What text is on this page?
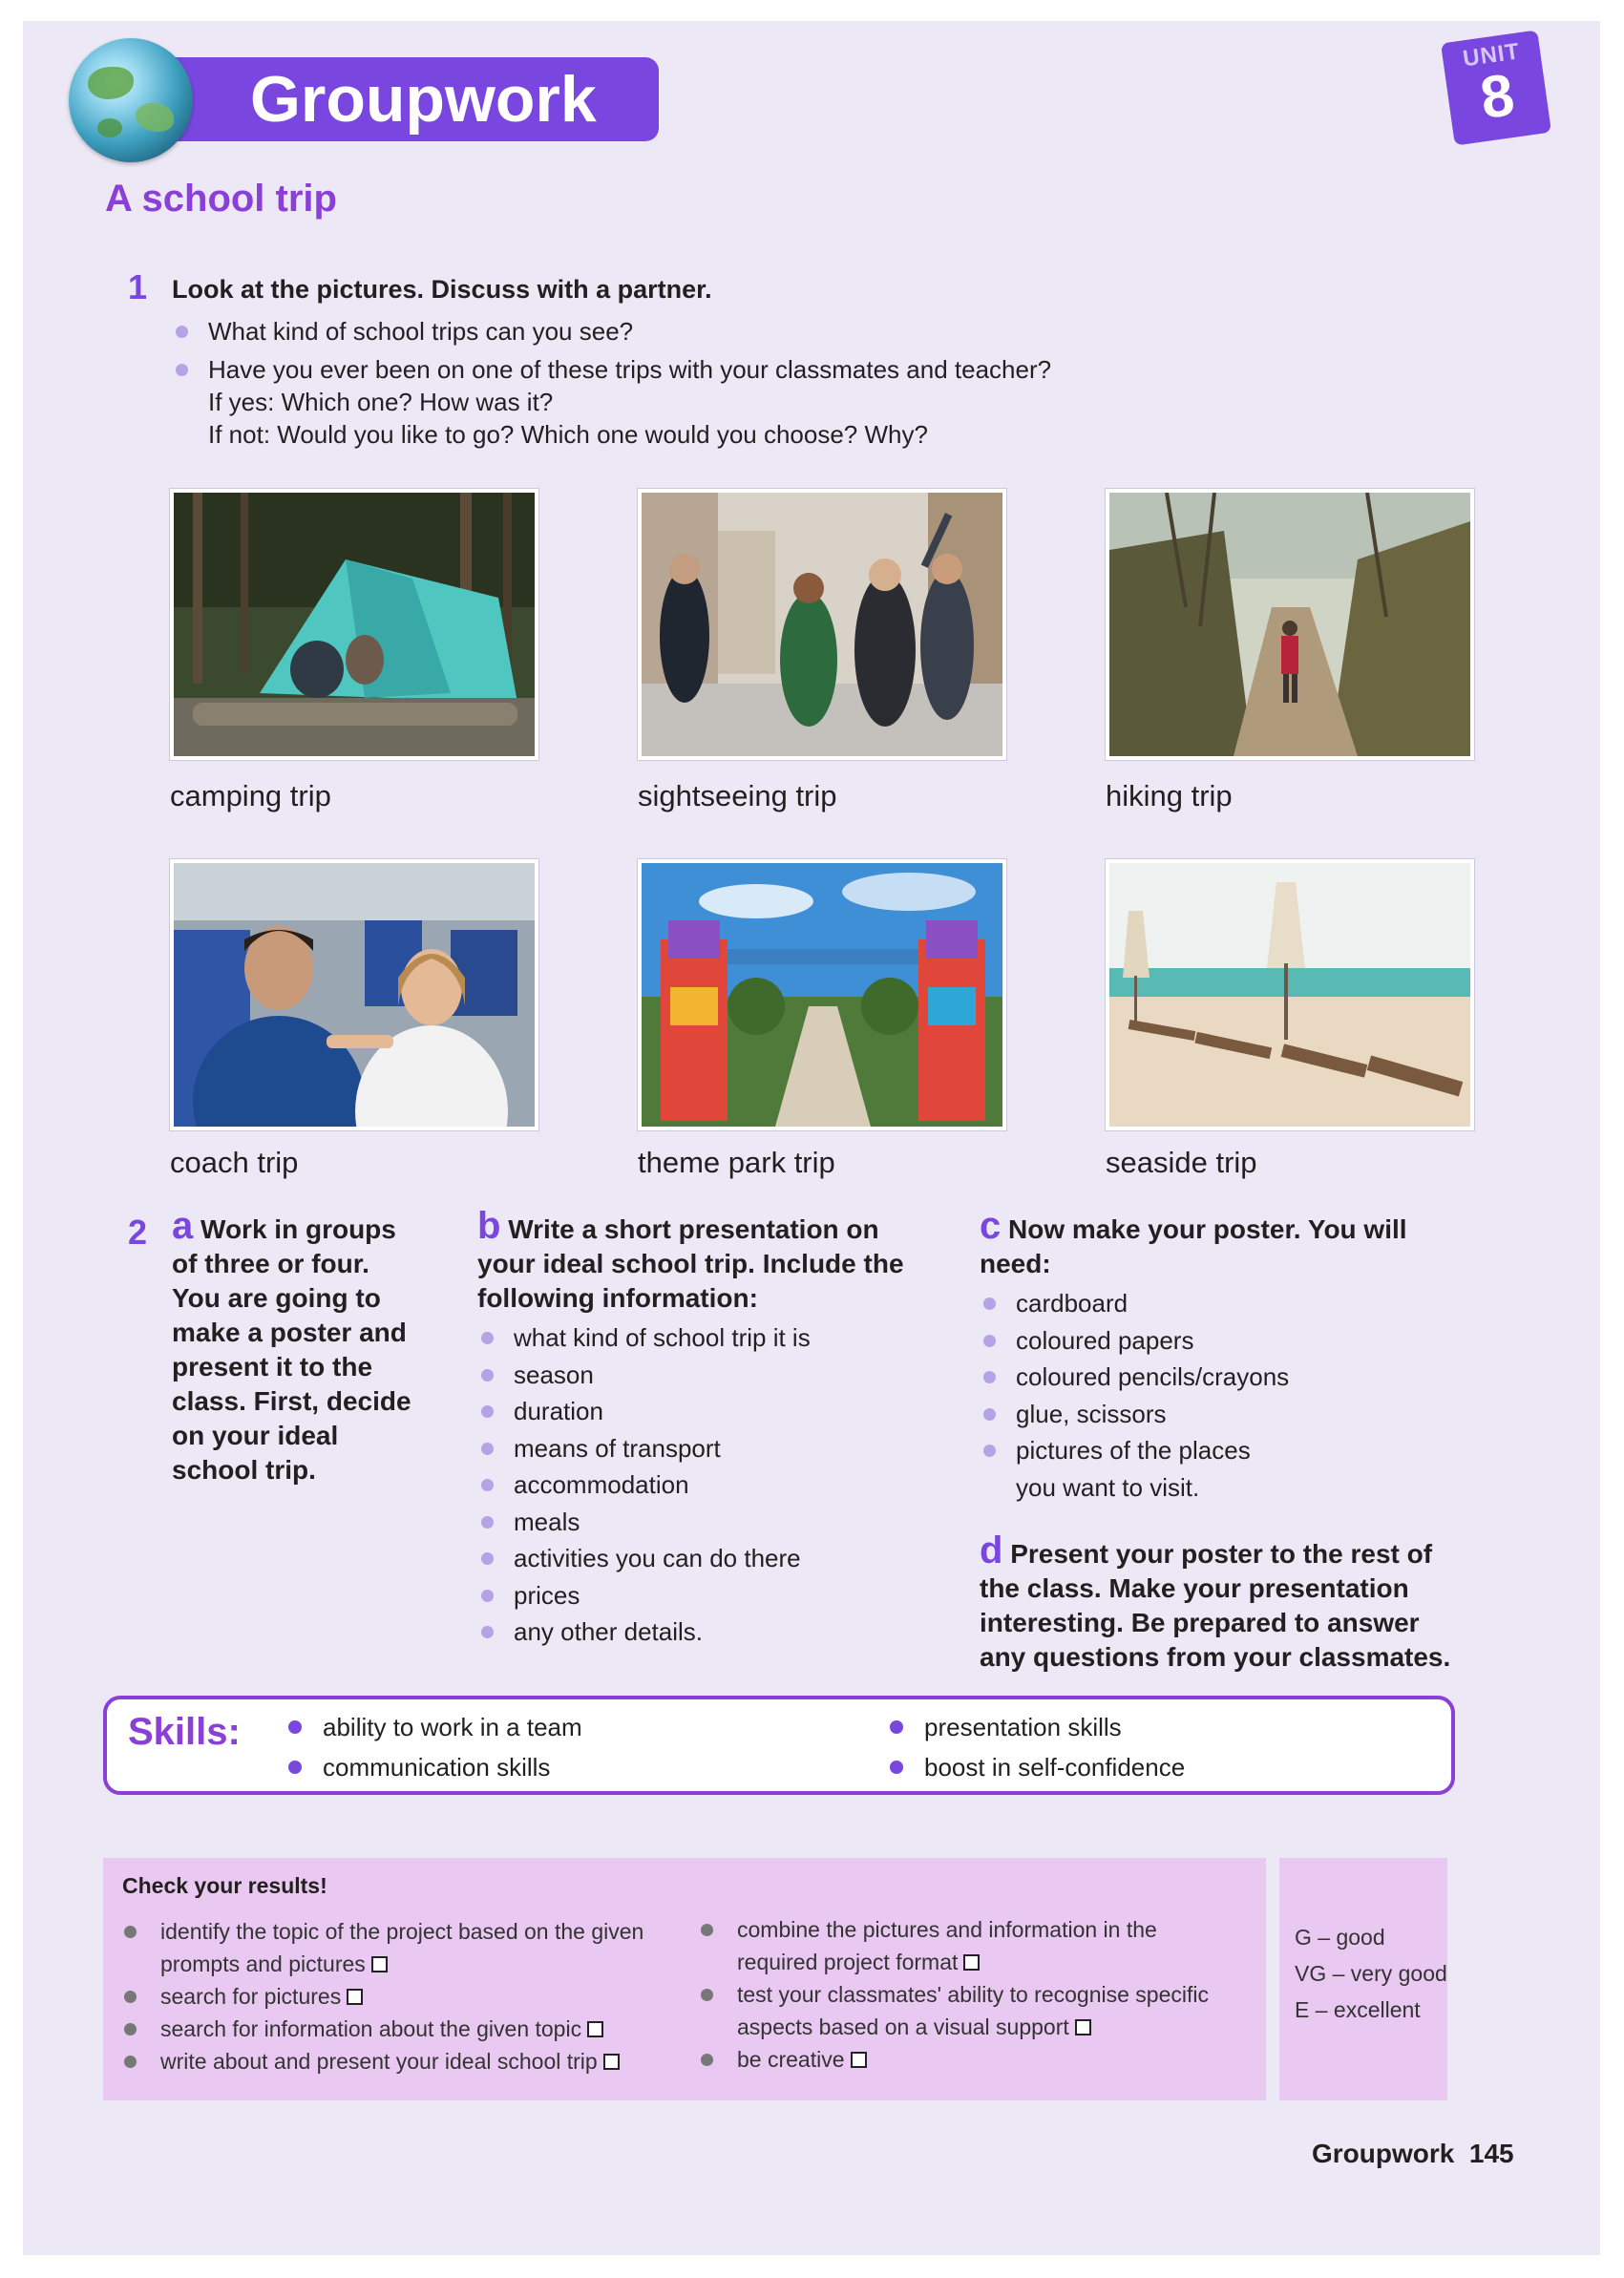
Groupwork
UNIT
8
A school trip
1 Look at the pictures. Discuss with a partner.
What kind of school trips can you see?
Have you ever been on one of these trips with your classmates and teacher?
If yes: Which one? How was it?
If not: Would you like to go? Which one would you choose? Why?
camping trip	sightseeing trip	hiking trip
coach trip	theme park trip	seaside trip
2 a Work in groups
of three or four.
You are going to
make a poster and
present it to the
class. First, decide
on your ideal
school trip.
b Write a short presentation on
your ideal school trip. Include the
following information:
what kind of school trip it is
season
duration
means of transport
accommodation
meals
activities you can do there
prices
any other details.
c Now make your poster. You will
need:
cardboard
coloured papers
coloured pencils/crayons
glue, scissors
pictures of the places
you want to visit.
d Present your poster to the rest of
the class. Make your presentation
interesting. Be prepared to answer
any questions from your classmates.
Skills:	ability to work in a team
communication skills
presentation skills
boost in self-confidence
Check your results!
identify the topic of the project based on the given
prompts and pictures
search for pictures
search for information about the given topic
write about and present your ideal school trip
combine the pictures and information in the
required project format
test your classmates' ability to recognise specific
aspects based on a visual support
be creative
G – good
VG – very good
E – excellent
Groupwork 145
